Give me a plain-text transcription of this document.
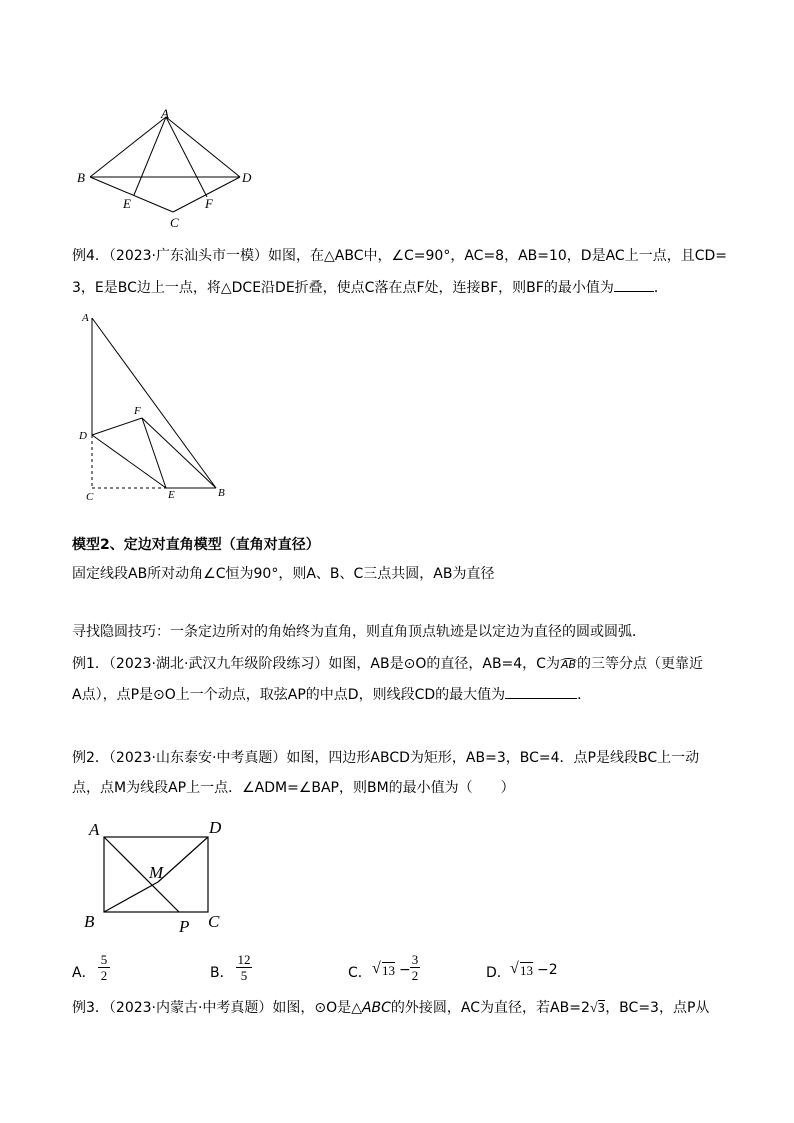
A
B	D
E	F
C
例4．（2023·广东汕头市一模）如图，在△ABC中，∠C=90°，AC=8，AB=10，D是AC上一点，且CD=
3，E是BC边上一点，将△DCE沿DE折叠，使点C落在点F处，连接BF，则BF的最小值为	．
A
F
D
C	E	B
模型2、定边对直角模型（直角对直径）
固定线段AB所对动角∠C恒为90°，则A、B、C三点共圆，AB为直径
寻找隐圆技巧：一条定边所对的角始终为直角，则直角顶点轨迹是以定边为直径的圆或圆弧．
例1．（2023·湖北·武汉九年级阶段练习）如图，AB是⊙O的直径，AB=4，C为
AB的三等分点（更靠近
A点），点P是⊙O上一个动点，取弦AP的中点D，则线段CD的最大值为	．
例2．（2023·山东泰安·中考真题）如图，四边形ABCD为矩形，AB=3，BC=4．点P是线段BC上一动
点，点M为线段AP上一点．∠ADM=∠BAP，则BM的最小值为（　　）
A	D
M
B	P C
A． $\frac{5}{2}$	B． $\frac{12}{5}$	C． √ $13 - \frac{3}{2}$	D． √ 13 −2
例3．（2023·内蒙古·中考真题）如图，⊙O是△ABC的外接圆，AC为直径，若AB=2√3，BC=3，点P从
